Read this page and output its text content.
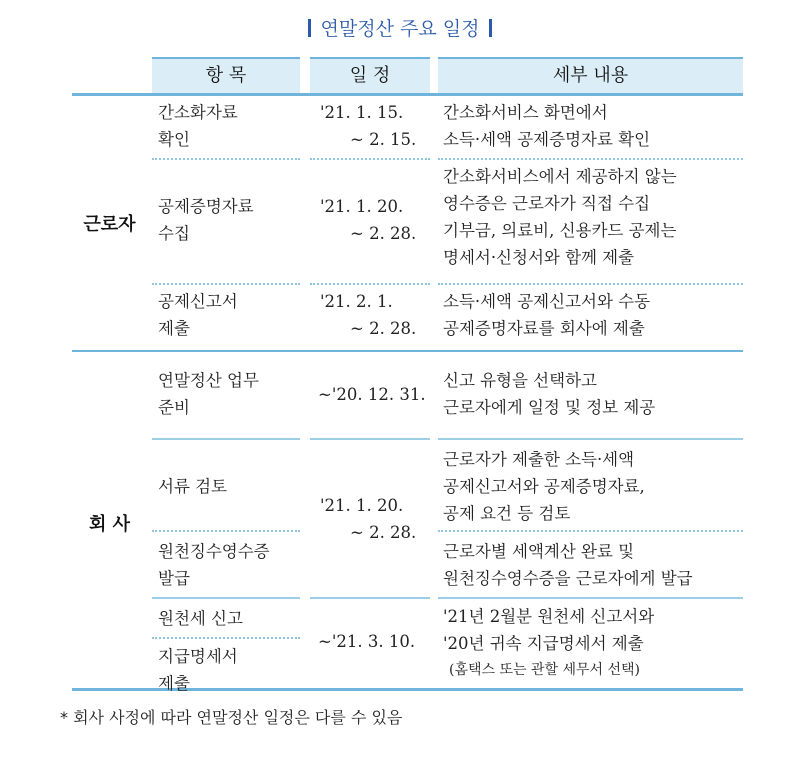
연말정산 주요 일정
항 목	일 정	세부 내용
근로자
회 사
간소화자료
확인
'21. 1. 15.
~ 2. 15.
간소화서비스 화면에서
소득·세액 공제증명자료 확인
공제증명자료
수집
'21. 1. 20.
~ 2. 28.
간소화서비스에서 제공하지 않는
영수증은 근로자가 직접 수집
기부금, 의료비, 신용카드 공제는
명세서·신청서와 함께 제출
공제신고서
제출
'21. 2. 1.
~ 2. 28.
소득·세액 공제신고서와 수동
공제증명자료를 회사에 제출
연말정산 업무
준비
~'20. 12. 31.
신고 유형을 선택하고
근로자에게 일정 및 정보 제공
서류 검토
'21. 1. 20.
~ 2. 28.
근로자가 제출한 소득·세액
공제신고서와 공제증명자료,
공제 요건 등 검토
원천징수영수증
발급
근로자별 세액계산 완료 및
원천징수영수증을 근로자에게 발급
원천세 신고
~'21. 3. 10.
'21년 2월분 원천세 신고서와
'20년 귀속 지급명세서 제출
(홈택스 또는 관할 세무서 선택)
지급명세서
제출
* 회사 사정에 따라 연말정산 일정은 다를 수 있음
